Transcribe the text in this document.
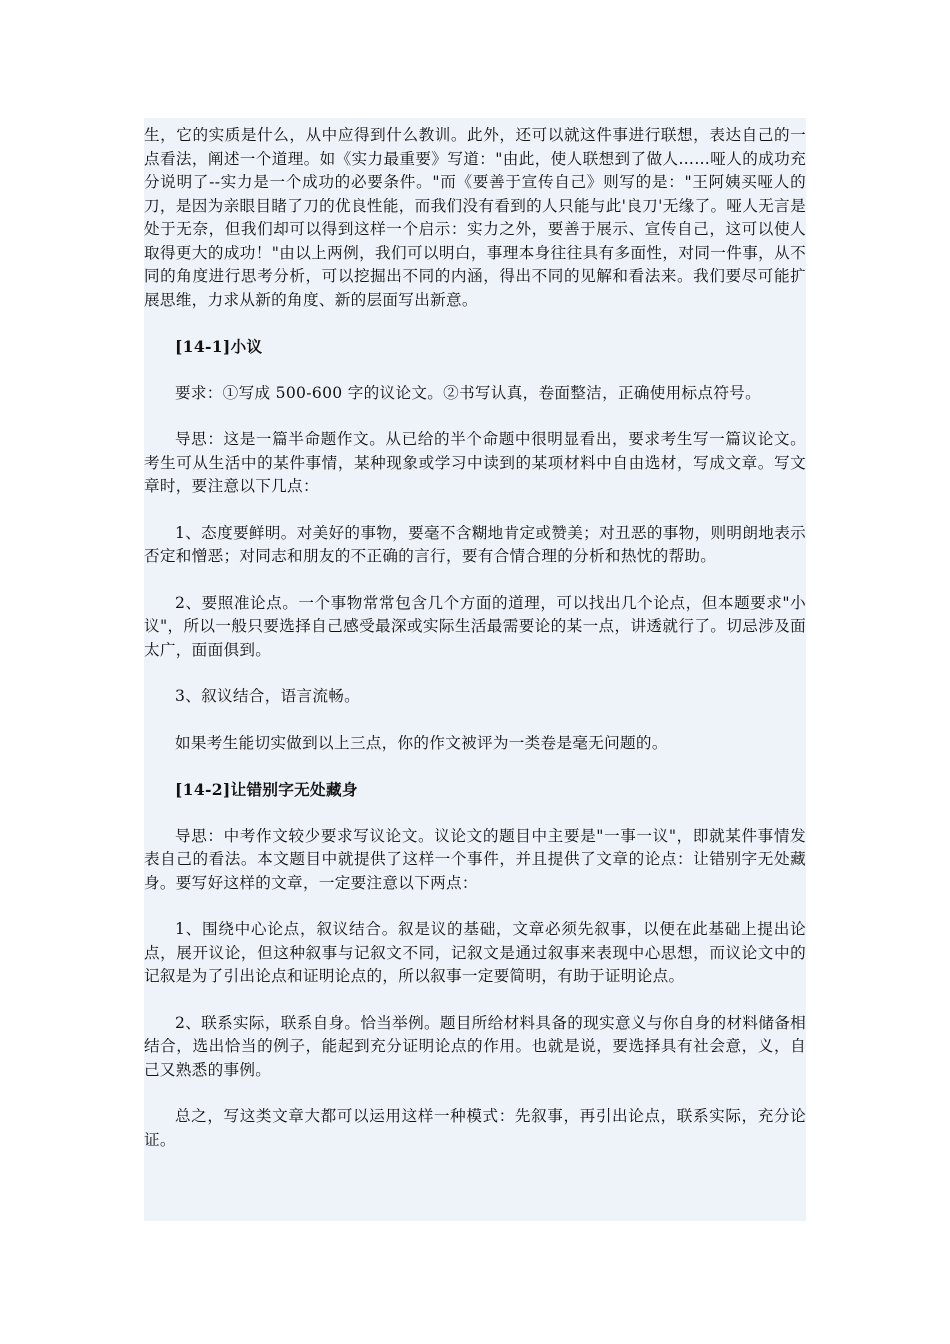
生，它的实质是什么，从中应得到什么教训。此外，还可以就这件事进行联想，表达自己的一点看法，阐述一个道理。如《实力最重要》写道："由此，使人联想到了做人……哑人的成功充分说明了--实力是一个成功的必要条件。"而《要善于宣传自己》则写的是："王阿姨买哑人的刀，是因为亲眼目睹了刀的优良性能，而我们没有看到的人只能与此'良刀'无缘了。哑人无言是处于无奈，但我们却可以得到这样一个启示：实力之外，要善于展示、宣传自己，这可以使人取得更大的成功！"由以上两例，我们可以明白，事理本身往往具有多面性，对同一件事，从不同的角度进行思考分析，可以挖掘出不同的内涵，得出不同的见解和看法来。我们要尽可能扩展思维，力求从新的角度、新的层面写出新意。

[14-1]小议

要求：①写成 500-600 字的议论文。②书写认真，卷面整洁，正确使用标点符号。

导思：这是一篇半命题作文。从已给的半个命题中很明显看出，要求考生写一篇议论文。考生可从生活中的某件事情，某种现象或学习中读到的某项材料中自由选材，写成文章。写文章时，要注意以下几点：

1、态度要鲜明。对美好的事物，要毫不含糊地肯定或赞美；对丑恶的事物，则明朗地表示否定和憎恶；对同志和朋友的不正确的言行，要有合情合理的分析和热忱的帮助。

2、要照准论点。一个事物常常包含几个方面的道理，可以找出几个论点，但本题要求"小议"，所以一般只要选择自己感受最深或实际生活最需要论的某一点，讲透就行了。切忌涉及面太广，面面俱到。

3、叙议结合，语言流畅。

如果考生能切实做到以上三点，你的作文被评为一类卷是毫无问题的。

[14-2]让错别字无处藏身

导思：中考作文较少要求写议论文。议论文的题目中主要是"一事一议"，即就某件事情发表自己的看法。本文题目中就提供了这样一个事件，并且提供了文章的论点：让错别字无处藏身。要写好这样的文章，一定要注意以下两点：

1、围绕中心论点，叙议结合。叙是议的基础，文章必须先叙事，以便在此基础上提出论点，展开议论，但这种叙事与记叙文不同，记叙文是通过叙事来表现中心思想，而议论文中的记叙是为了引出论点和证明论点的，所以叙事一定要简明，有助于证明论点。

2、联系实际，联系自身。恰当举例。题目所给材料具备的现实意义与你自身的材料储备相结合，选出恰当的例子，能起到充分证明论点的作用。也就是说，要选择具有社会意，义，自己又熟悉的事例。

总之，写这类文章大都可以运用这样一种模式：先叙事，再引出论点，联系实际，充分论证。
